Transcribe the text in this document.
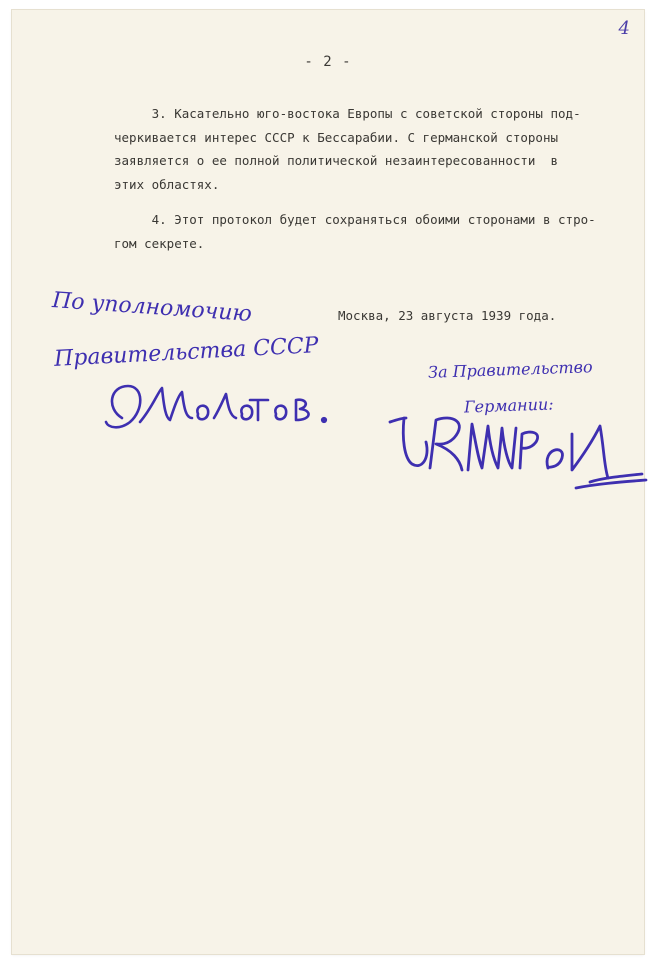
4
- 2 -

3. Касательно юго-востока Европы с советской стороны под-

черкивается интерес СССР к Бессарабии. С германской стороны

заявляется о ее полной политической незаинтересованности  в

этих областях.

4. Этот протокол будет сохраняться обоими сторонами в стро-

гом секрете.

Москва, 23 августа 1939 года.
По уполномочию
Правительства СССР	За Правительство
Германии:
